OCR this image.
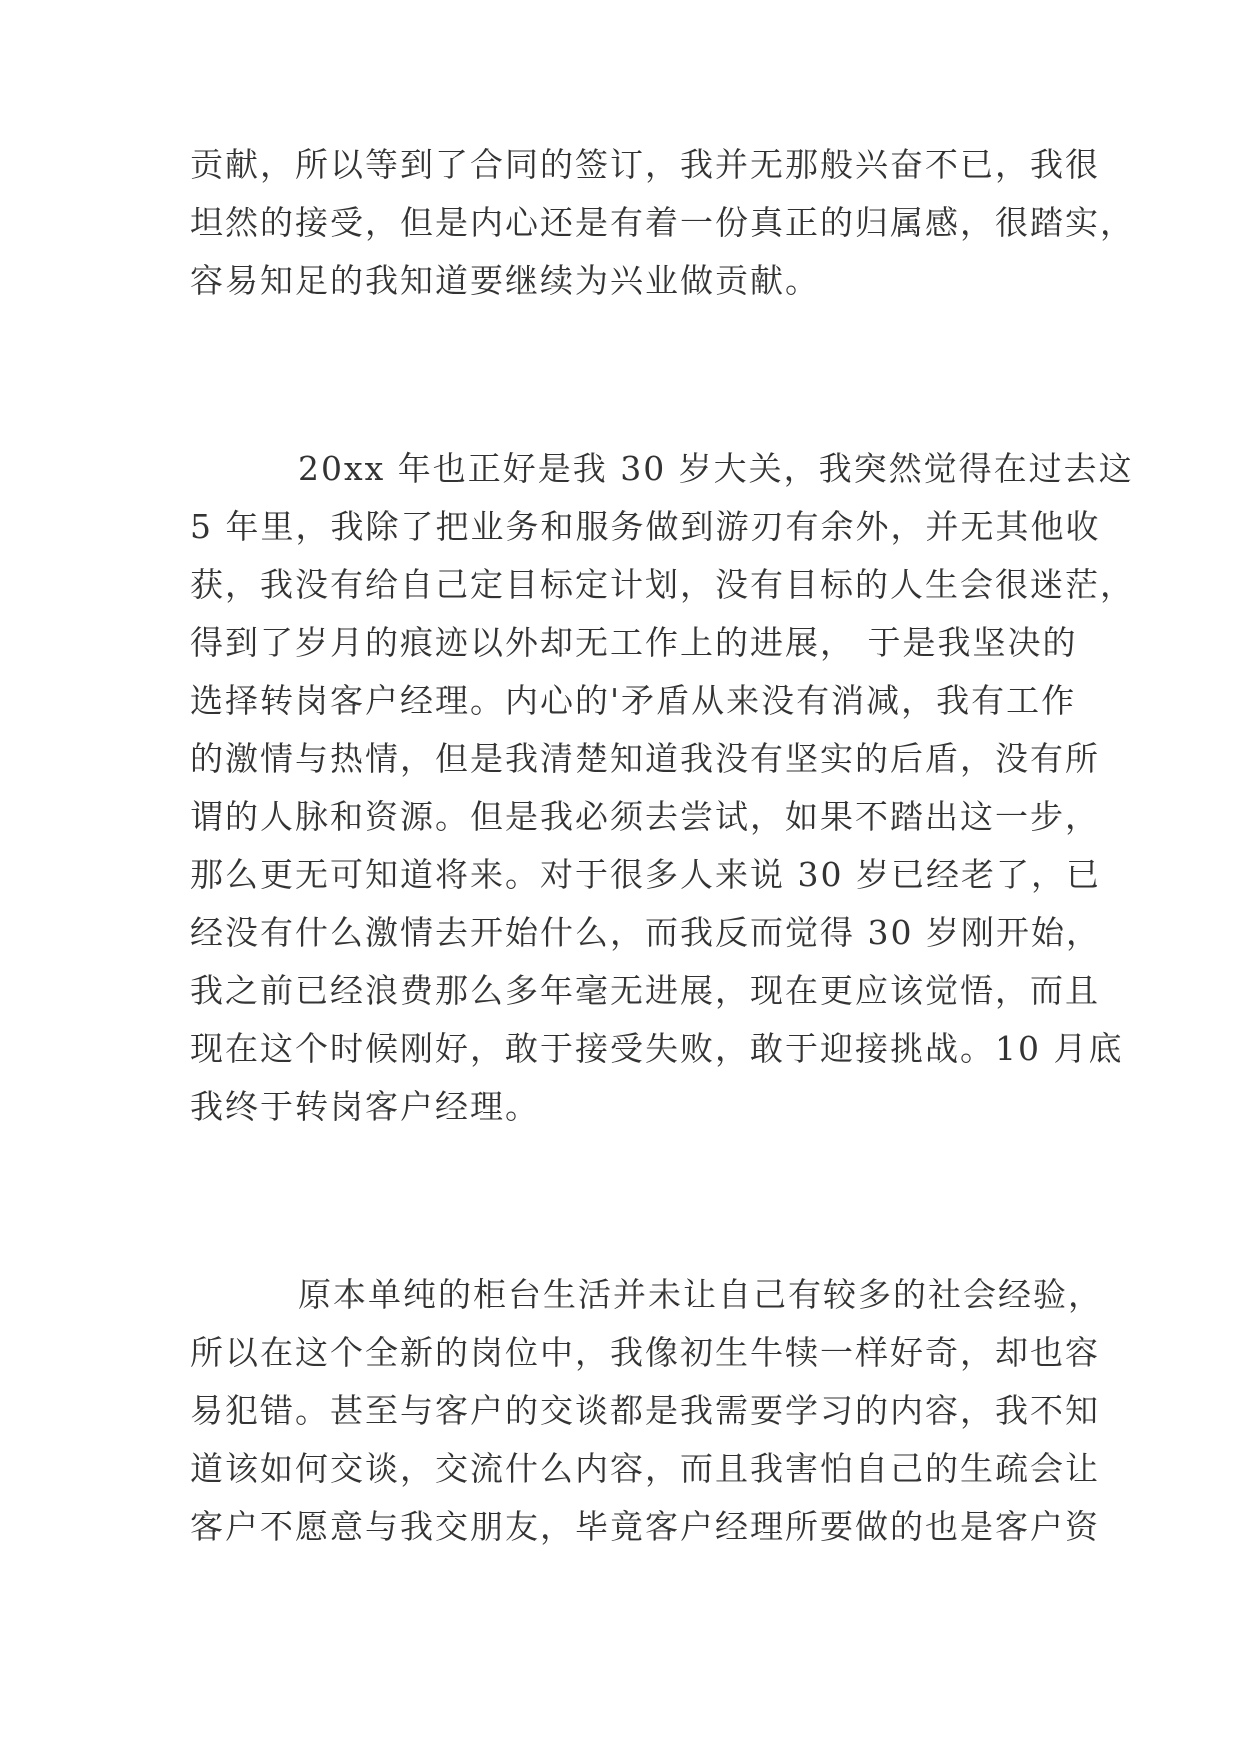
贡献，所以等到了合同的签订，我并无那般兴奋不已，我很
坦然的接受，但是内心还是有着一份真正的归属感，很踏实，
容易知足的我知道要继续为兴业做贡献。
20xx 年也正好是我 30 岁大关，我突然觉得在过去这
5 年里，我除了把业务和服务做到游刃有余外，并无其他收
获，我没有给自己定目标定计划，没有目标的人生会很迷茫，
得到了岁月的痕迹以外却无工作上的进展， 于是我坚决的
选择转岗客户经理。内心的'矛盾从来没有消减，我有工作
的激情与热情，但是我清楚知道我没有坚实的后盾，没有所
谓的人脉和资源。但是我必须去尝试，如果不踏出这一步，
那么更无可知道将来。对于很多人来说 30 岁已经老了，已
经没有什么激情去开始什么，而我反而觉得 30 岁刚开始，
我之前已经浪费那么多年毫无进展，现在更应该觉悟，而且
现在这个时候刚好，敢于接受失败，敢于迎接挑战。10 月底
我终于转岗客户经理。
原本单纯的柜台生活并未让自己有较多的社会经验，
所以在这个全新的岗位中，我像初生牛犊一样好奇，却也容
易犯错。甚至与客户的交谈都是我需要学习的内容，我不知
道该如何交谈，交流什么内容，而且我害怕自己的生疏会让
客户不愿意与我交朋友，毕竟客户经理所要做的也是客户资
